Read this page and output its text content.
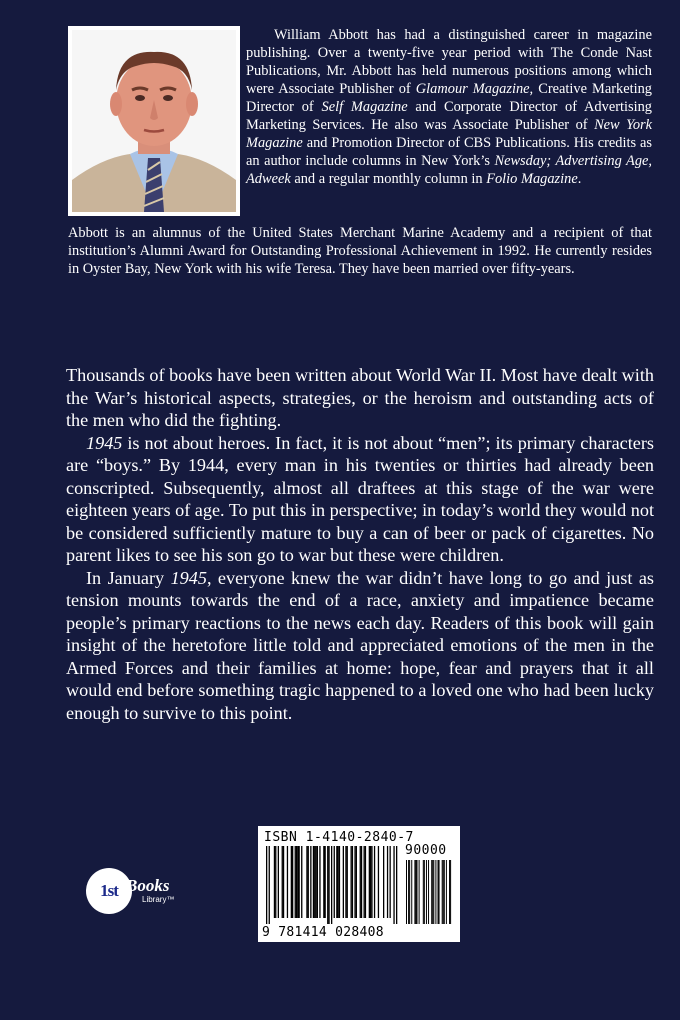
William Abbott has had a distinguished career in magazine publishing. Over a twenty-five year period with The Conde Nast Publications, Mr. Abbott has held numerous positions among which were Associate Publisher of Glamour Magazine, Creative Marketing Director of Self Magazine and Corporate Director of Advertising Marketing Services. He also was Associate Publisher of New York Magazine and Promotion Director of CBS Publications. His credits as an author include columns in New York’s Newsday; Advertising Age, Adweek and a regular monthly column in Folio Magazine.

Abbott is an alumnus of the United States Merchant Marine Academy and a recipient of that institution’s Alumni Award for Outstanding Professional Achievement in 1992. He currently resides in Oyster Bay, New York with his wife Teresa. They have been married over fifty-years.

Thousands of books have been written about World War II. Most have dealt with the War’s historical aspects, strategies, or the heroism and outstanding acts of the men who did the fighting.

1945 is not about heroes. In fact, it is not about “men”; its primary characters are “boys.” By 1944, every man in his twenties or thirties had already been conscripted. Subsequently, almost all draftees at this stage of the war were eighteen years of age. To put this in perspective; in today’s world they would not be considered sufficiently mature to buy a can of beer or pack of cigarettes. No parent likes to see his son go to war but these were children.

In January 1945, everyone knew the war didn’t have long to go and just as tension mounts towards the end of a race, anxiety and impatience became people’s primary reactions to the news each day. Readers of this book will gain insight of the heretofore little told and appreciated emotions of the men in the Armed Forces and their families at home: hope, fear and prayers that it all would end before something tragic happened to a loved one who had been lucky enough to survive to this point.

1st Books
Library™
ISBN 1-4140-2840-7
90000
9 781414 028408
